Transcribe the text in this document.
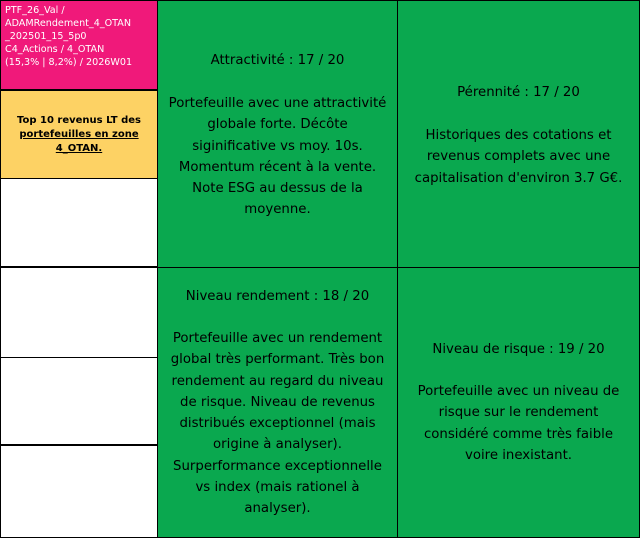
PTF_26_Val /
ADAMRendement_4_OTAN
_202501_15_5p0
C4_Actions / 4_OTAN
(15,3% | 8,2%) / 2026W01
Top 10 revenus LT des
portefeuilles en zone
4_OTAN.
Attractivité : 17 / 20
Portefeuille avec une attractivité
globale forte. Décôte
siginificative vs moy. 10s.
Momentum récent à la vente.
Note ESG au dessus de la
moyenne.
Pérennité : 17 / 20
Historiques des cotations et
revenus complets avec une
capitalisation d'environ 3.7 G€.
Niveau rendement : 18 / 20
Portefeuille avec un rendement
global très performant. Très bon
rendement au regard du niveau
de risque. Niveau de revenus
distribués exceptionnel (mais
origine à analyser).
Surperformance exceptionnelle
vs index (mais rationel à
analyser).
Niveau de risque : 19 / 20
Portefeuille avec un niveau de
risque sur le rendement
considéré comme très faible
voire inexistant.
